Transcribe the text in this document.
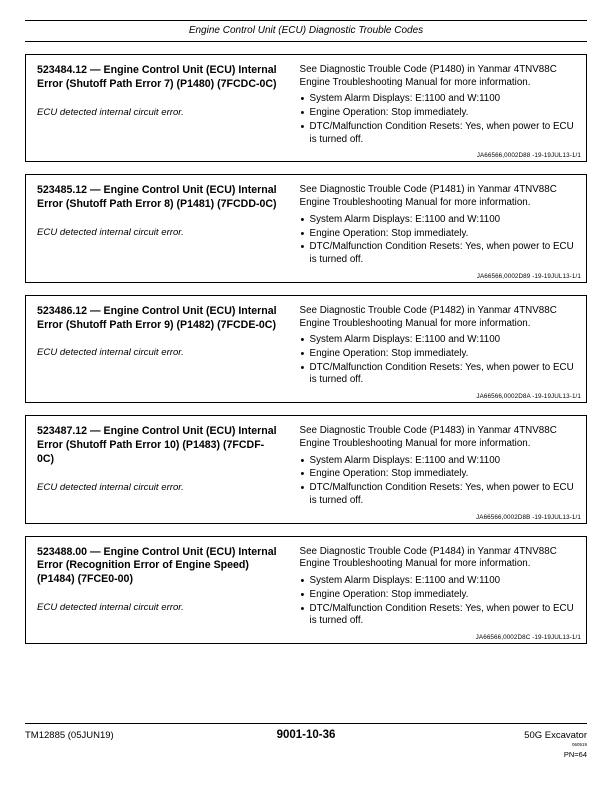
Engine Control Unit (ECU) Diagnostic Trouble Codes
523484.12 — Engine Control Unit (ECU) Internal Error (Shutoff Path Error 7) (P1480) (7FCDC-0C)
ECU detected internal circuit error.
See Diagnostic Trouble Code (P1480) in Yanmar 4TNV88C Engine Troubleshooting Manual for more information.
• System Alarm Displays: E:1100 and W:1100
• Engine Operation: Stop immediately.
• DTC/Malfunction Condition Resets: Yes, when power to ECU is turned off.
JA66566,0002D88 -19-19JUL13-1/1
523485.12 — Engine Control Unit (ECU) Internal Error (Shutoff Path Error 8) (P1481) (7FCDD-0C)
ECU detected internal circuit error.
See Diagnostic Trouble Code (P1481) in Yanmar 4TNV88C Engine Troubleshooting Manual for more information.
• System Alarm Displays: E:1100 and W:1100
• Engine Operation: Stop immediately.
• DTC/Malfunction Condition Resets: Yes, when power to ECU is turned off.
JA66566,0002D89 -19-19JUL13-1/1
523486.12 — Engine Control Unit (ECU) Internal Error (Shutoff Path Error 9) (P1482) (7FCDE-0C)
ECU detected internal circuit error.
See Diagnostic Trouble Code (P1482) in Yanmar 4TNV88C Engine Troubleshooting Manual for more information.
• System Alarm Displays: E:1100 and W:1100
• Engine Operation: Stop immediately.
• DTC/Malfunction Condition Resets: Yes, when power to ECU is turned off.
JA66566,0002D8A -19-19JUL13-1/1
523487.12 — Engine Control Unit (ECU) Internal Error (Shutoff Path Error 10) (P1483) (7FCDF-0C)
ECU detected internal circuit error.
See Diagnostic Trouble Code (P1483) in Yanmar 4TNV88C Engine Troubleshooting Manual for more information.
• System Alarm Displays: E:1100 and W:1100
• Engine Operation: Stop immediately.
• DTC/Malfunction Condition Resets: Yes, when power to ECU is turned off.
JA66566,0002D8B -19-19JUL13-1/1
523488.00 — Engine Control Unit (ECU) Internal Error (Recognition Error of Engine Speed) (P1484) (7FCE0-00)
ECU detected internal circuit error.
See Diagnostic Trouble Code (P1484) in Yanmar 4TNV88C Engine Troubleshooting Manual for more information.
• System Alarm Displays: E:1100 and W:1100
• Engine Operation: Stop immediately.
• DTC/Malfunction Condition Resets: Yes, when power to ECU is turned off.
JA66566,0002D8C -19-19JUL13-1/1
TM12885 (05JUN19)	9001-10-36	50G Excavator
060519
PN=64
